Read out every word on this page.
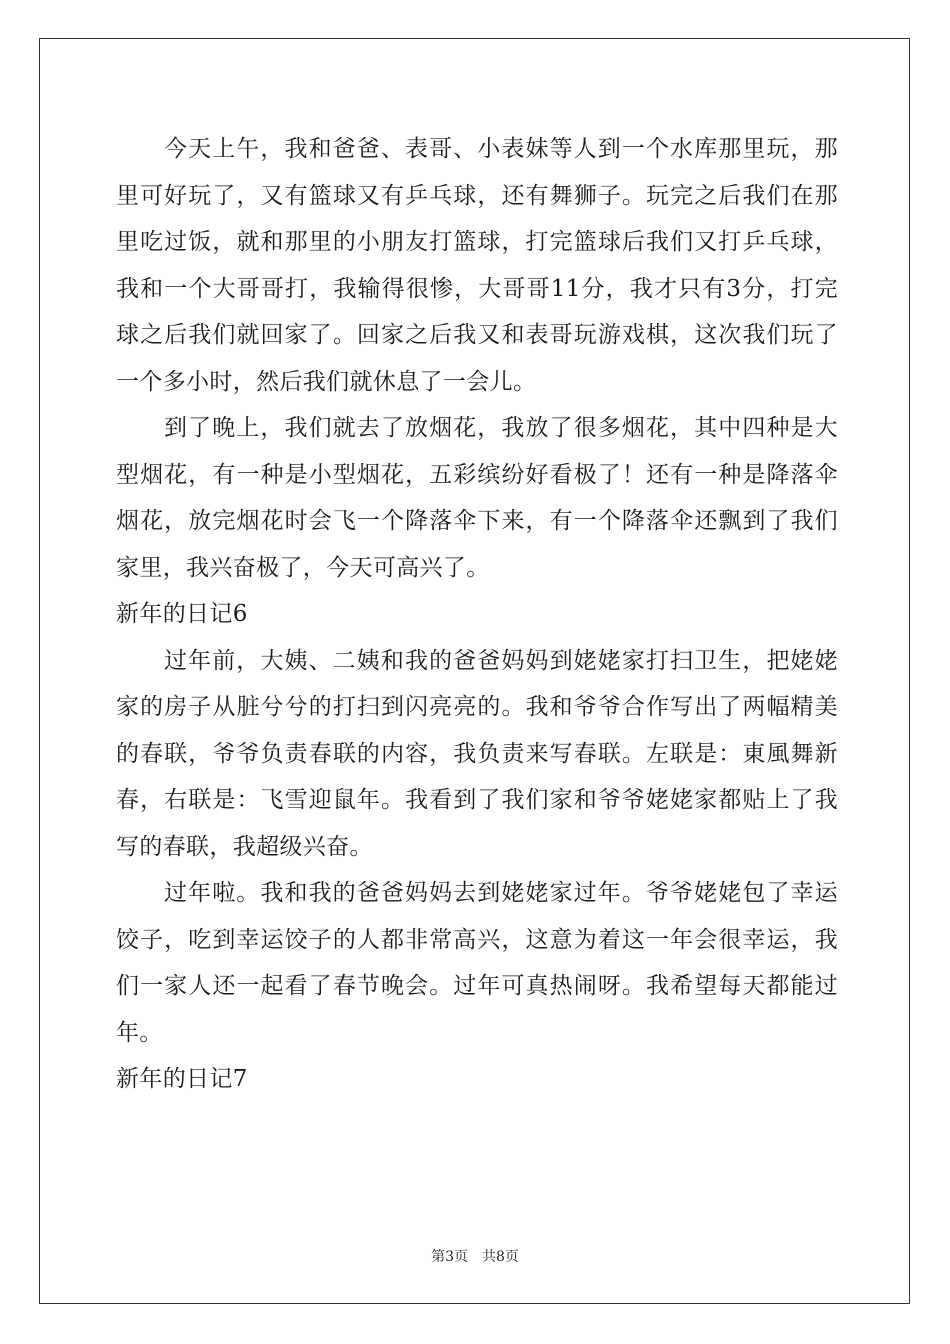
今天上午，我和爸爸、表哥、小表妹等人到一个水库那里玩，那里可好玩了，又有篮球又有乒乓球，还有舞狮子。玩完之后我们在那里吃过饭，就和那里的小朋友打篮球，打完篮球后我们又打乒乓球，我和一个大哥哥打，我输得很惨，大哥哥11分，我才只有3分，打完球之后我们就回家了。回家之后我又和表哥玩游戏棋，这次我们玩了一个多小时，然后我们就休息了一会儿。

到了晚上，我们就去了放烟花，我放了很多烟花，其中四种是大型烟花，有一种是小型烟花，五彩缤纷好看极了！还有一种是降落伞烟花，放完烟花时会飞一个降落伞下来，有一个降落伞还飘到了我们家里，我兴奋极了，今天可高兴了。

新年的日记6

过年前，大姨、二姨和我的爸爸妈妈到姥姥家打扫卫生，把姥姥家的房子从脏兮兮的打扫到闪亮亮的。我和爷爷合作写出了两幅精美的春联，爷爷负责春联的内容，我负责来写春联。左联是：東風舞新春，右联是：飞雪迎鼠年。我看到了我们家和爷爷姥姥家都贴上了我写的春联，我超级兴奋。

过年啦。我和我的爸爸妈妈去到姥姥家过年。爷爷姥姥包了幸运饺子，吃到幸运饺子的人都非常高兴，这意为着这一年会很幸运，我们一家人还一起看了春节晚会。过年可真热闹呀。我希望每天都能过年。

新年的日记7

第3页　共8页
